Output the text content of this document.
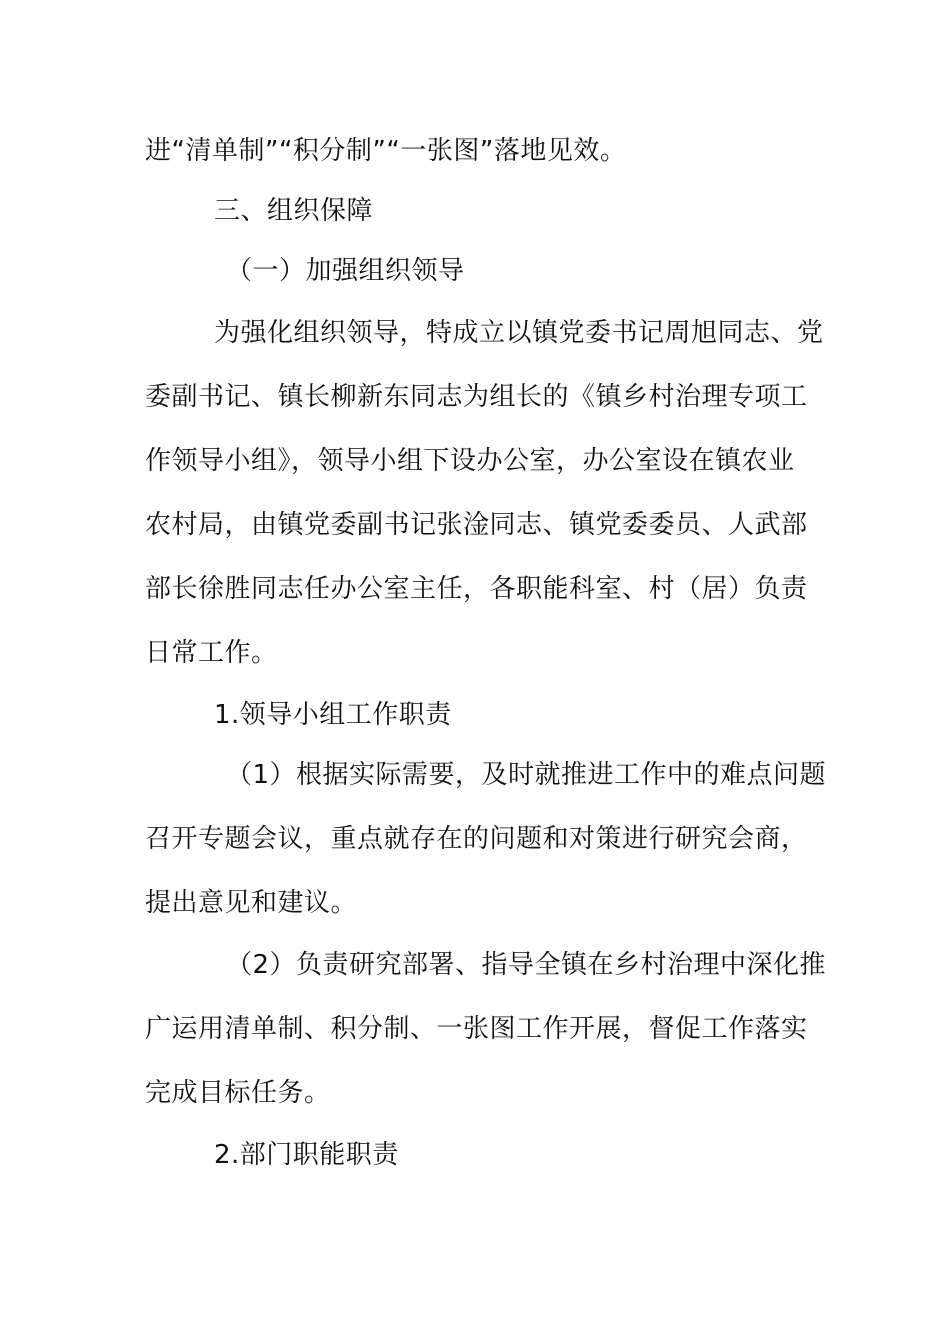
进“清单制”“积分制”“一张图”落地见效。
三、组织保障
（一）加强组织领导
为强化组织领导，特成立以镇党委书记周旭同志、党
委副书记、镇长柳新东同志为组长的《镇乡村治理专项工
作领导小组》，领导小组下设办公室，办公室设在镇农业
农村局，由镇党委副书记张淦同志、镇党委委员、人武部
部长徐胜同志任办公室主任，各职能科室、村（居）负责
日常工作。
1.领导小组工作职责
（1）根据实际需要，及时就推进工作中的难点问题
召开专题会议，重点就存在的问题和对策进行研究会商，
提出意见和建议。
（2）负责研究部署、指导全镇在乡村治理中深化推
广运用清单制、积分制、一张图工作开展，督促工作落实
完成目标任务。
2.部门职能职责
